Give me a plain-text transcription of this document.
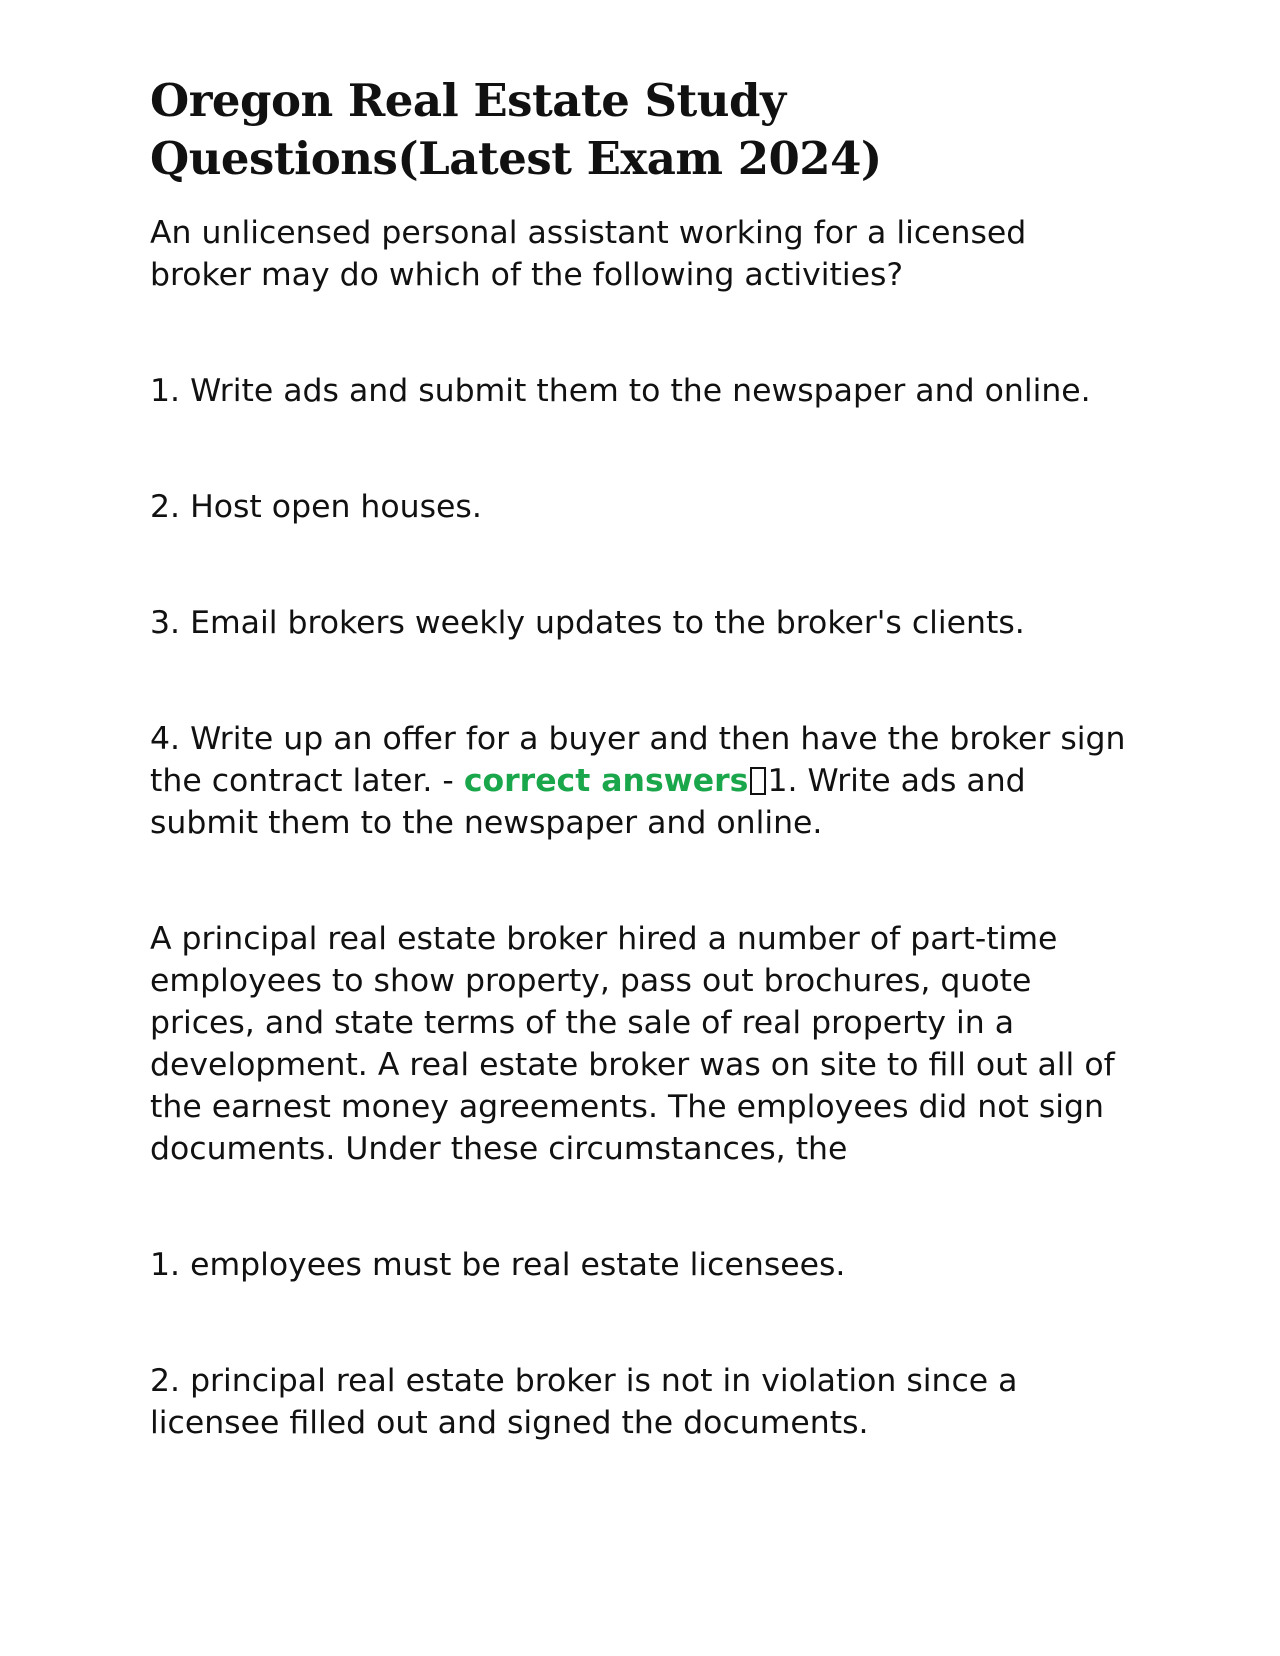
Oregon Real Estate Study Questions(Latest Exam 2024)

An unlicensed personal assistant working for a licensed broker may do which of the following activities?

1. Write ads and submit them to the newspaper and online.

2. Host open houses.

3. Email brokers weekly updates to the broker's clients.

4. Write up an offer for a buyer and then have the broker sign the contract later. - correct answers 1. Write ads and submit them to the newspaper and online.

A principal real estate broker hired a number of part-time employees to show property, pass out brochures, quote prices, and state terms of the sale of real property in a development. A real estate broker was on site to fill out all of the earnest money agreements. The employees did not sign documents. Under these circumstances, the

1. employees must be real estate licensees.

2. principal real estate broker is not in violation since a licensee filled out and signed the documents.
